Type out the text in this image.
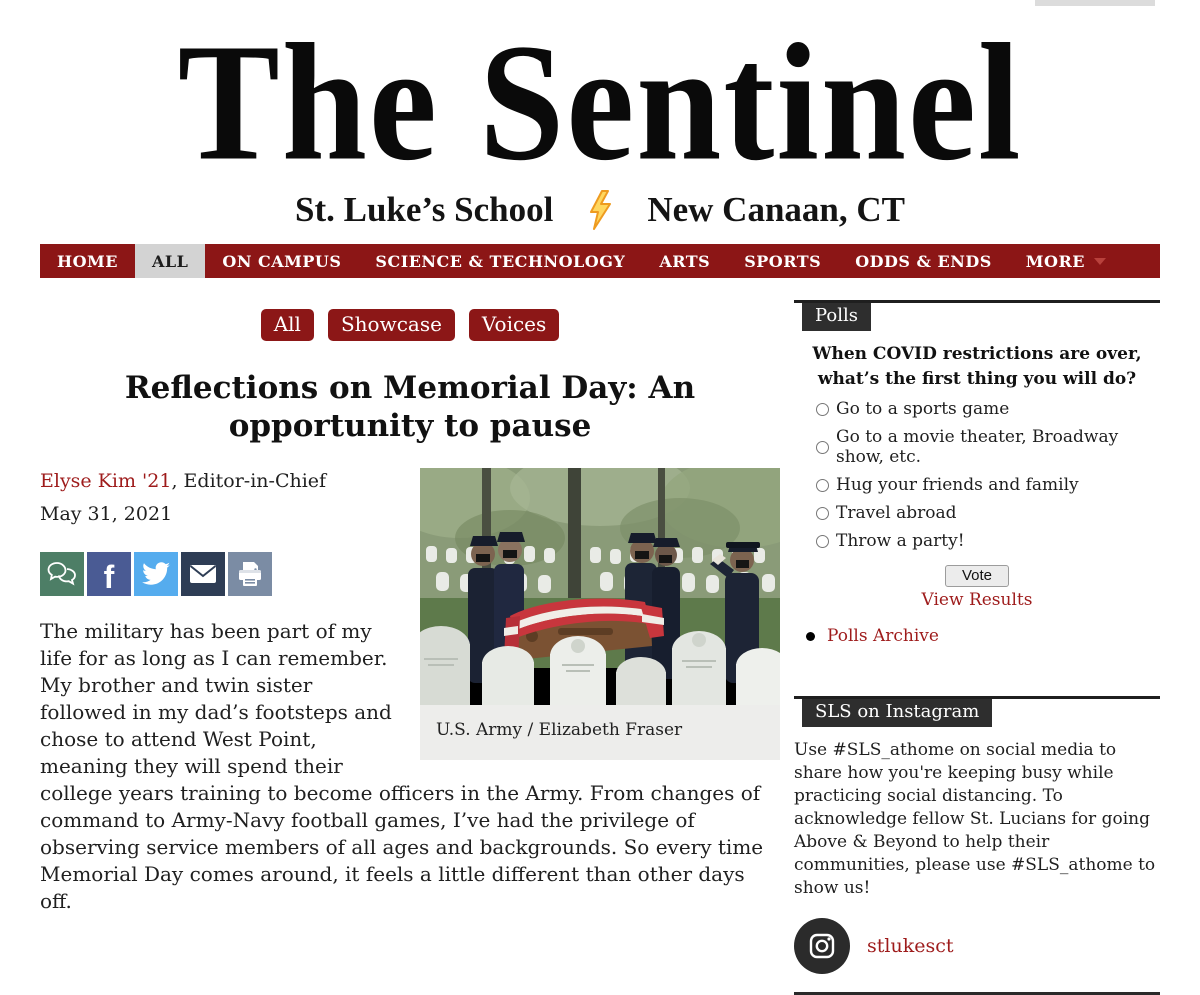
The Sentinel
St. Luke’s School	New Canaan, CT
HOME	ALL	ON CAMPUS	SCIENCE & TECHNOLOGY	ARTS	SPORTS	ODDS & ENDS	MORE
All	Showcase	Voices
Reflections on Memorial Day: An opportunity to pause
U.S. Army / Elizabeth Fraser
Elyse Kim '21, Editor-in-Chief
May 31, 2021
f

The military has been part of my life for as long as I can remember. My brother and twin sister followed in my dad’s footsteps and chose to attend West Point, meaning they will spend their college years training to become officers in the Army. From changes of command to Army-Navy football games, I’ve had the privilege of observing service members of all ages and backgrounds. So every time Memorial Day comes around, it feels a little different than other days off.

Polls
When COVID restrictions are over, what’s the first thing you will do?
Go to a sports game
Go to a movie theater, Broadway show, etc.
Hug your friends and family
Travel abroad
Throw a party!
Vote
View Results
Polls Archive
SLS on Instagram
Use #SLS_athome on social media to share how you're keeping busy while practicing social distancing. To acknowledge fellow St. Lucians for going Above & Beyond to help their communities, please use #SLS_athome to show us!
stlukesct
